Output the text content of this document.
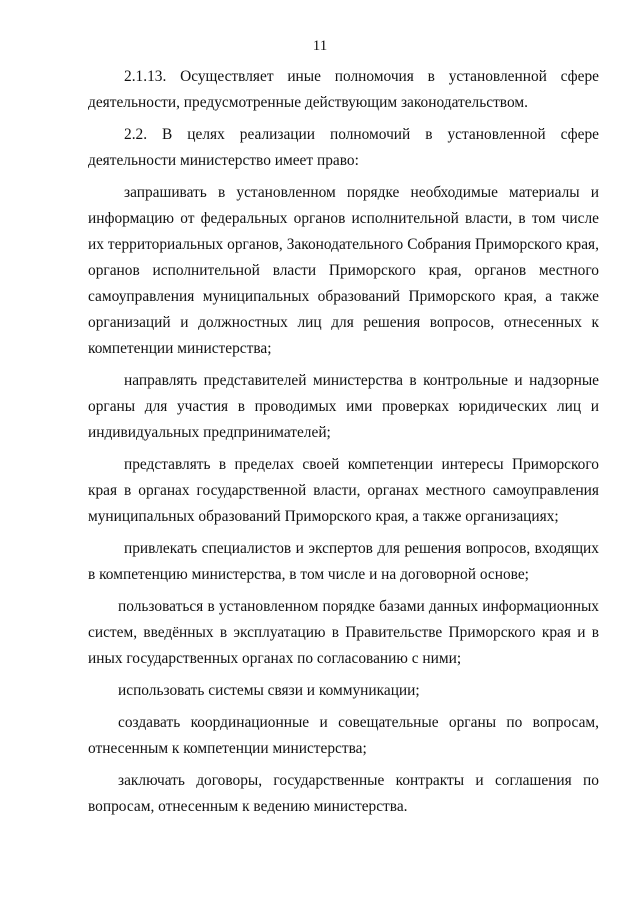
11

2.1.13. Осуществляет иные полномочия в установленной сфере деятельности, предусмотренные действующим законодательством.

2.2. В целях реализации полномочий в установленной сфере деятельности министерство имеет право:

запрашивать в установленном порядке необходимые материалы и информацию от федеральных органов исполнительной власти, в том числе их территориальных органов, Законодательного Собрания Приморского края, органов исполнительной власти Приморского края, органов местного самоуправления муниципальных образований Приморского края, а также организаций и должностных лиц для решения вопросов, отнесенных к компетенции министерства;

направлять представителей министерства в контрольные и надзорные органы для участия в проводимых ими проверках юридических лиц и индивидуальных предпринимателей;

представлять в пределах своей компетенции интересы Приморского края в органах государственной власти, органах местного самоуправления муниципальных образований Приморского края, а также организациях;

привлекать специалистов и экспертов для решения вопросов, входящих в компетенцию министерства, в том числе и на договорной основе;

пользоваться в установленном порядке базами данных информационных систем, введённых в эксплуатацию в Правительстве Приморского края и в иных государственных органах по согласованию с ними;

использовать системы связи и коммуникации;

создавать координационные и совещательные органы по вопросам, отнесенным к компетенции министерства;

заключать договоры, государственные контракты и соглашения по вопросам, отнесенным к ведению министерства.
